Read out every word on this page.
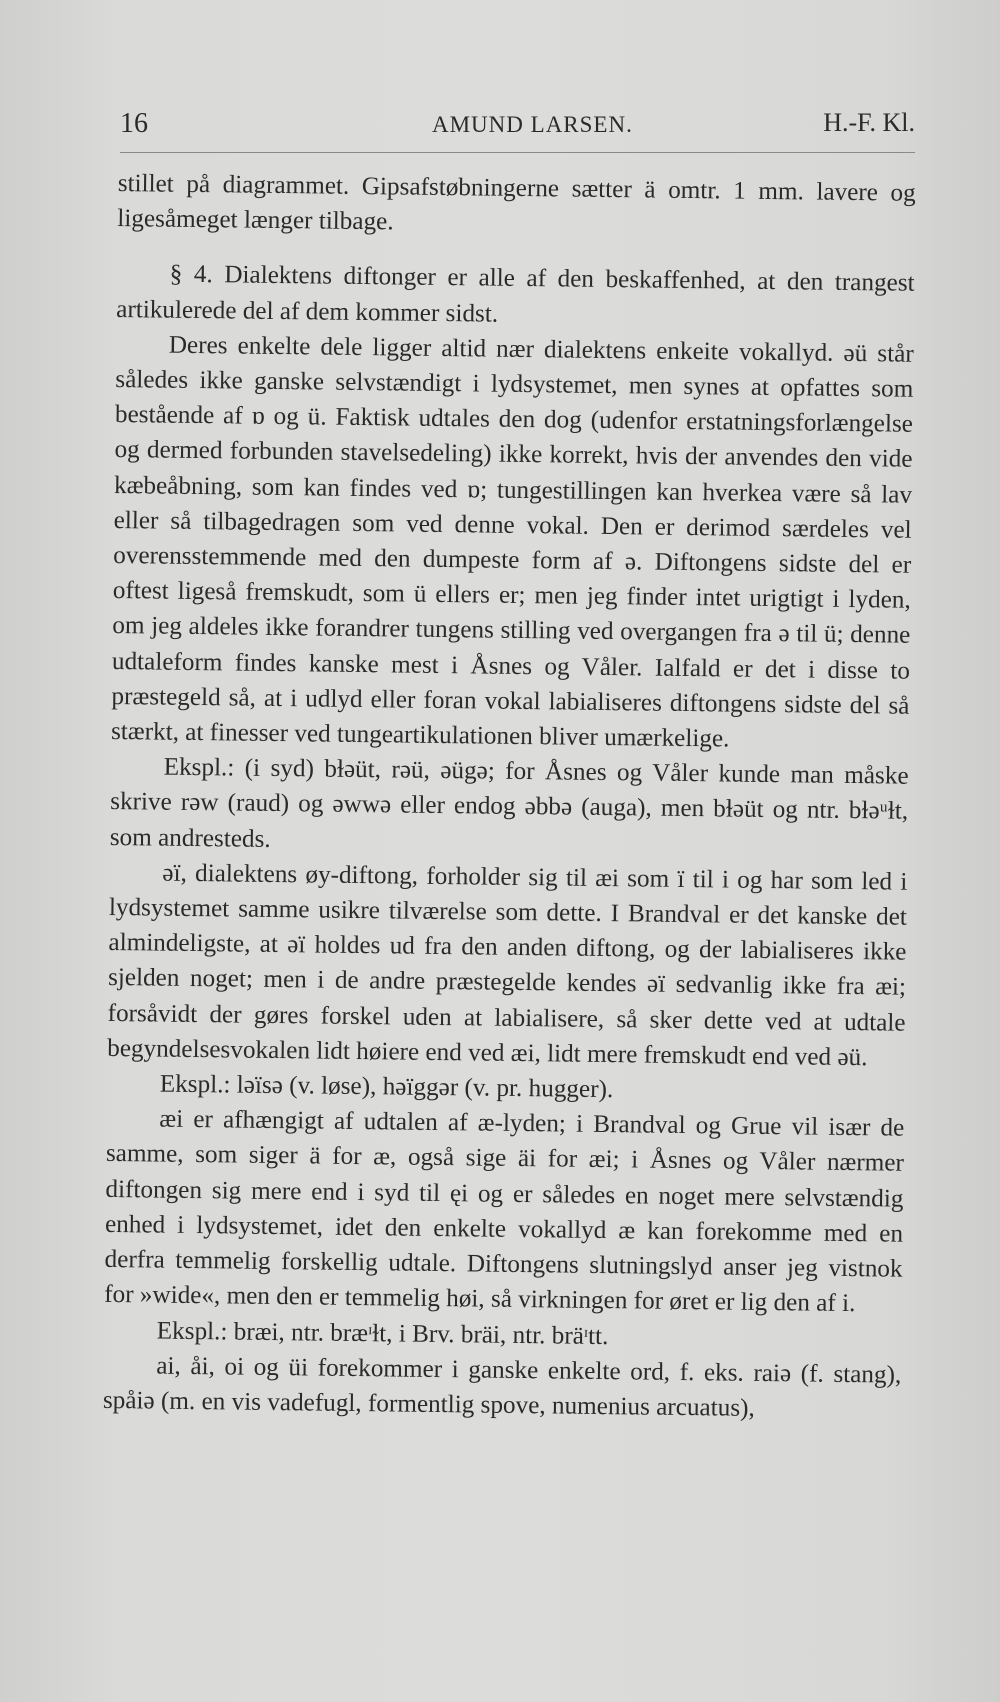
16	AMUND LARSEN.	H.-F. Kl.

stillet på diagrammet. Gipsafstøbningerne sætter ä omtr. 1 mm. lavere og ligesåmeget længer tilbage.

§ 4. Dialektens diftonger er alle af den beskaffenhed, at den trangest artikulerede del af dem kommer sidst.

Deres enkelte dele ligger altid nær dialektens enkeite vokallyd. əü står således ikke ganske selvstændigt i lydsystemet, men synes at opfattes som bestående af ɒ og ü. Faktisk udtales den dog (udenfor erstatningsforlængelse og dermed forbunden stavelsedeling) ikke korrekt, hvis der anvendes den vide kæbeåbning, som kan findes ved ɒ; tungestillingen kan hverkea være så lav eller så tilbagedragen som ved denne vokal. Den er derimod særdeles vel overensstemmende med den dumpeste form af ə. Diftongens sidste del er oftest ligeså fremskudt, som ü ellers er; men jeg finder intet urigtigt i lyden, om jeg aldeles ikke forandrer tungens stilling ved overgangen fra ə til ü; denne udtaleform findes kanske mest i Åsnes og Våler. Ialfald er det i disse to præstegeld så, at i udlyd eller foran vokal labialiseres diftongens sidste del så stærkt, at finesser ved tungeartikulationen bliver umærkelige.

Ekspl.: (i syd) bɫəüt, rəü, əügə; for Åsnes og Våler kunde man måske skrive rəw (raud) og əwwə eller endog əbbə (auga), men bɫəüt og ntr. bɫəᵘɫt, som andresteds.

əï, dialektens øy-diftong, forholder sig til æi som ï til i og har som led i lydsystemet samme usikre tilværelse som dette. I Brandval er det kanske det almindeligste, at əï holdes ud fra den anden diftong, og der labialiseres ikke sjelden noget; men i de andre præstegelde kendes əï sedvanlig ikke fra æi; forsåvidt der gøres forskel uden at labialisere, så sker dette ved at udtale begyndelsesvokalen lidt høiere end ved æi, lidt mere fremskudt end ved əü.

Ekspl.: ləïsə (v. løse), həïggər (v. pr. hugger).

æi er afhængigt af udtalen af æ-lyden; i Brandval og Grue vil især de samme, som siger ä for æ, også sige äi for æi; i Åsnes og Våler nærmer diftongen sig mere end i syd til ęi og er således en noget mere selvstændig enhed i lydsystemet, idet den enkelte vokallyd æ kan forekomme med en derfra temmelig forskellig udtale. Diftongens slutningslyd anser jeg vistnok for »wide«, men den er temmelig høi, så virkningen for øret er lig den af i.

Ekspl.: bræi, ntr. bræᶦɫt, i Brv. bräi, ntr. bräᶦtt.

ai, åi, oi og üi forekommer i ganske enkelte ord, f. eks. raiə (f. stang), spåiə (m. en vis vadefugl, formentlig spove, numenius arcuatus),
